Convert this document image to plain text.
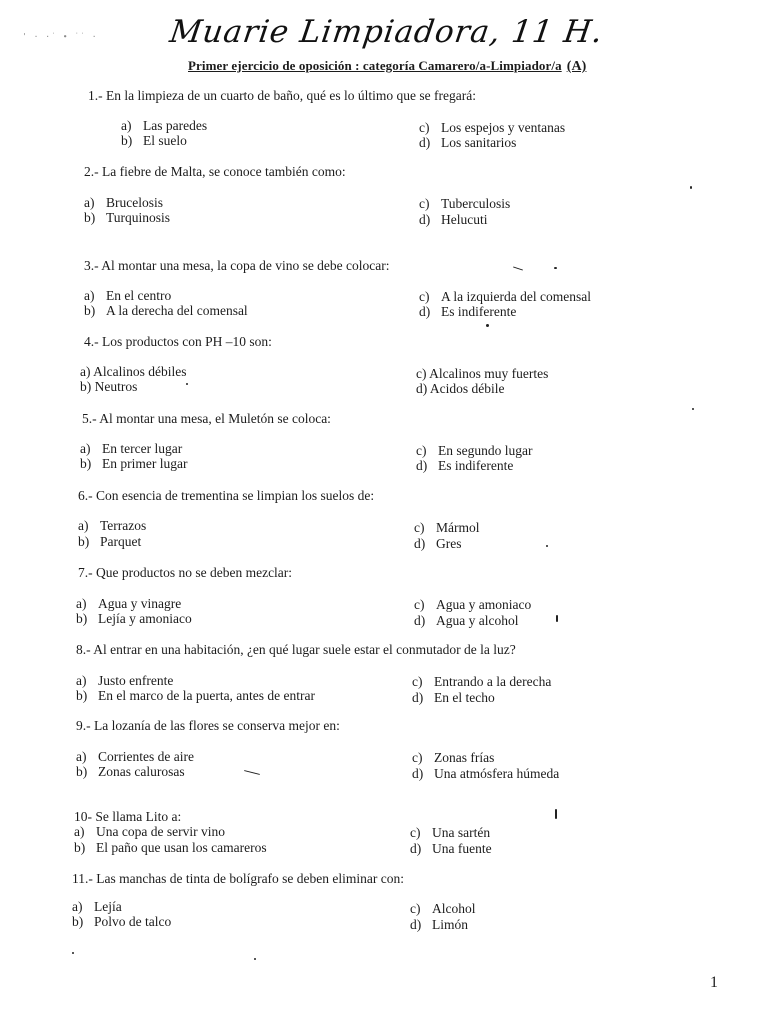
' · ·˙ ∙ ˙˙ · Muarie Limpiadora, 11 H.
Primer ejercicio de oposición : categoría Camarero/a-Limpiador/a (A)
1.- En la limpieza de un cuarto de baño, qué es lo último que se fregará:
a) Las paredes
b) El suelo
c) Los espejos y ventanas
d) Los sanitarios
2.- La fiebre de Malta, se conoce también como:
a) Brucelosis
b) Turquinosis
c) Tuberculosis
d) Helucuti
3.- Al montar una mesa, la copa de vino se debe colocar:
a) En el centro
b) A la derecha del comensal
c) A la izquierda del comensal
d) Es indiferente
4.- Los productos con PH –10 son:
a) Alcalinos débiles
b) Neutros
c) Alcalinos muy fuertes
d) Acidos débile
5.- Al montar una mesa, el Muletón se coloca:
a) En tercer lugar
b) En primer lugar
c) En segundo lugar
d) Es indiferente
6.- Con esencia de trementina se limpian los suelos de:
a) Terrazos
b) Parquet
c) Mármol
d) Gres
7.- Que productos no se deben mezclar:
a) Agua y vinagre
b) Lejía y amoniaco
c) Agua y amoniaco
d) Agua y alcohol
8.- Al entrar en una habitación, ¿en qué lugar suele estar el conmutador de la luz?
a) Justo enfrente
b) En el marco de la puerta, antes de entrar
c) Entrando a la derecha
d) En el techo
9.- La lozanía de las flores se conserva mejor en:
a) Corrientes de aire
b) Zonas calurosas
c) Zonas frías
d) Una atmósfera húmeda
10- Se llama Lito a:
a) Una copa de servir vino
b) El paño que usan los camareros
c) Una sartén
d) Una fuente
11.- Las manchas de tinta de bolígrafo se deben eliminar con:
a) Lejía
b) Polvo de talco
c) Alcohol
d) Limón
1
